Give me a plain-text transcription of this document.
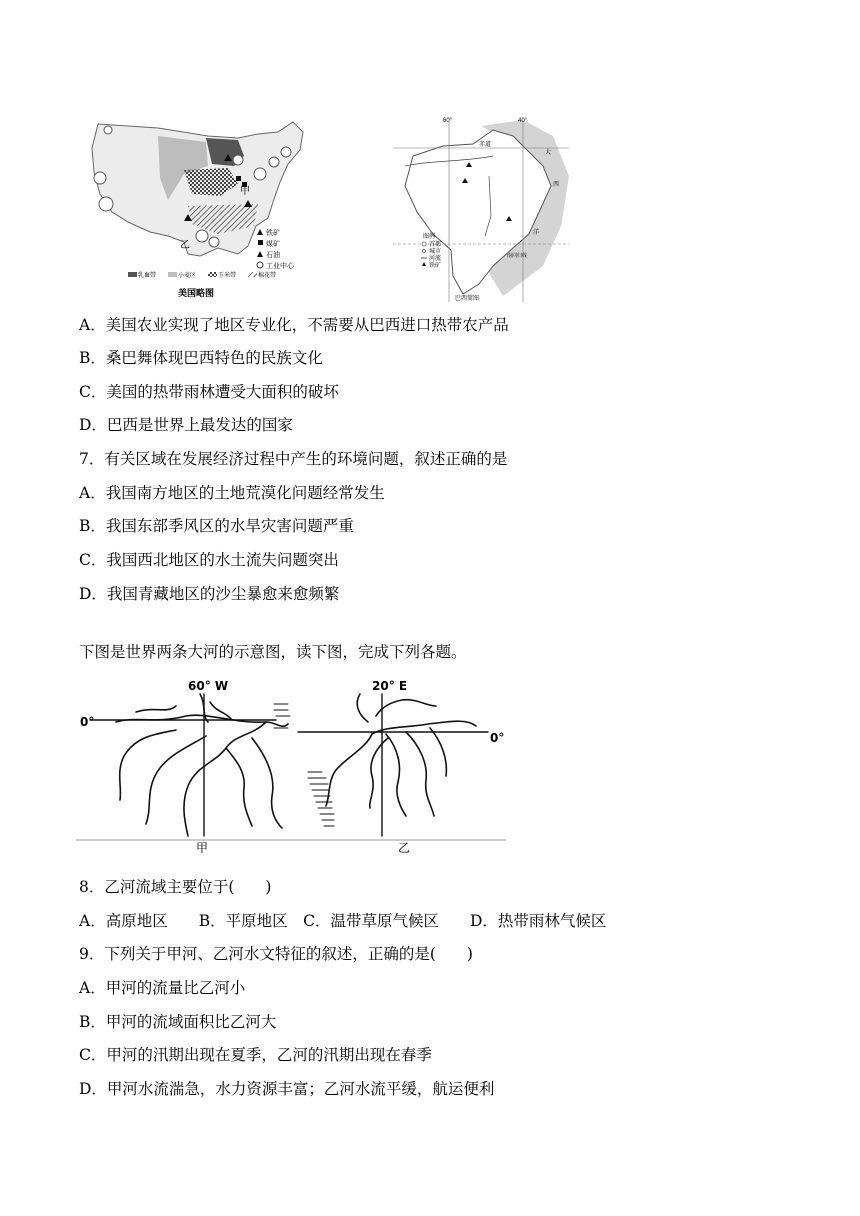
甲
乙
铁矿
煤矿
石油
工业中心
乳畜带	小麦区	玉米带	棉花带
美国略图
60°	40°
赤道
大
西
洋
南回归线
图例
首都
城市
河流
铁矿
巴西简图
A．美国农业实现了地区专业化，不需要从巴西进口热带农产品
B．桑巴舞体现巴西特色的民族文化
C．美国的热带雨林遭受大面积的破坏
D．巴西是世界上最发达的国家
7．有关区域在发展经济过程中产生的环境问题，叙述正确的是
A．我国南方地区的土地荒漠化问题经常发生
B．我国东部季风区的水旱灾害问题严重
C．我国西北地区的水土流失问题突出
D．我国青藏地区的沙尘暴愈来愈频繁
下图是世界两条大河的示意图，读下图，完成下列各题。
60° W
0°
20° E
0°
甲	乙
8．乙河流域主要位于(　　)
A．高原地区　　B．平原地区　C．温带草原气候区　　D．热带雨林气候区
9．下列关于甲河、乙河水文特征的叙述，正确的是(　　)
A．甲河的流量比乙河小
B．甲河的流域面积比乙河大
C．甲河的汛期出现在夏季，乙河的汛期出现在春季
D．甲河水流湍急，水力资源丰富；乙河水流平缓，航运便利
